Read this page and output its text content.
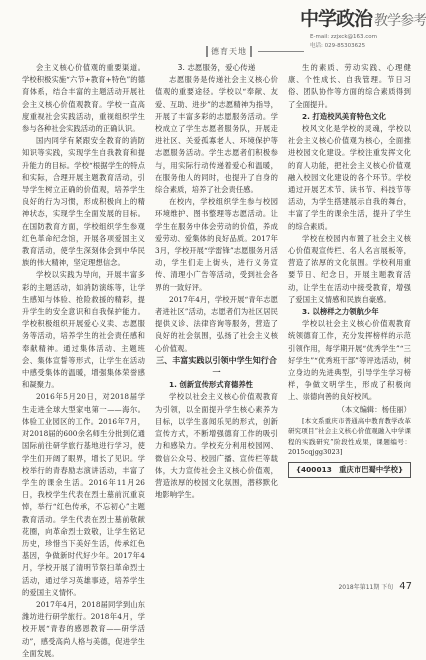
德育天地
中学政治 教学参考
E-mail: zzjxck@163.com
电话: 029-85303625

会主义核心价值观的重要渠道。学校积极实施“六节+教育+特色”的德育体系，结合丰富的主题活动开展社会主义核心价值观教育。学校一直高度重视社会实践活动，重视组织学生参与各种社会实践活动的正确认识。

国内同学有紧跟安全教育的消防知识等实践，实现学生自我教育和提升能力的目标。学校“根据学生的特点和实际，合理开展主题教育活动，引导学生树立正确的价值观，培养学生良好的行为习惯，形成积极向上的精神状态，实现学生全面发展的目标。在国防教育方面，学校组织学生参观红色革命纪念馆，开展各项爱国主义教育活动，使学生深刻体会到中华民族的伟大精神，坚定理想信念。

学校以实践为导向，开展丰富多彩的主题活动，如消防演练等，让学生感知与体验、抢险救援的精彩，提升学生的安全意识和自我保护能力。学校积极组织开展爱心义卖、志愿服务等活动，培养学生的社会责任感和奉献精神。通过集体活动、主题班会、集体宣誓等形式，让学生在活动中感受集体的温暖，增强集体荣誉感和凝聚力。

2016年5月20日，对2018届学生走进全球大型家电第一——海尔。体验工业园区的工作。2016年7月，对2018届的600余名师生分批到亿通国际前往研学旅行基地进行学习，使学生们开阔了眼界，增长了见识。学校举行的青春励志演讲活动，丰富了学生的课余生活。2016年11月26日，我校学生代表在烈士墓前沉重哀悼，举行“红色传承，不忘初心”主题教育活动。学生代表在烈士墓前敬献花圈，向革命烈士致敬，让学生铭记历史，珍惜当下美好生活，传承红色基因，争做新时代好少年。2017年4月，学校开展了清明节祭扫革命烈士活动，通过学习英雄事迹，培养学生的爱国主义情怀。

2017年4月，2018届同学到山东潍坊进行研学旅行。2018年4月，学校开展“青春的感恩教育——研学活动”，感受高尚人格与美德，促进学生全面发展。

3. 志愿服务，爱心传递

志愿服务是传递社会主义核心价值观的重要途径。学校以“奉献、友爱、互助、进步”的志愿精神为指导，开展了丰富多彩的志愿服务活动。学校成立了学生志愿者服务队，开展走进社区、关爱孤寡老人、环境保护等志愿服务活动。学生志愿者们积极参与，用实际行动传递着爱心和温暖，在服务他人的同时，也提升了自身的综合素质，培养了社会责任感。

在校内，学校组织学生参与校园环境维护、图书整理等志愿活动。让学生在服务中体会劳动的价值，养成爱劳动、爱集体的良好品质。2017年3月，学校开展“学雷锋”志愿服务月活动，学生们走上街头，进行义务宣传、清理小广告等活动，受到社会各界的一致好评。

2017年4月，学校开展“青年志愿者进社区”活动，志愿者们为社区居民提供义诊、法律咨询等服务，营造了良好的社会氛围，弘扬了社会主义核心价值观。

三、丰富实践以引领中学生知行合一

1. 创新宣传形式育德养性

学校以社会主义核心价值观教育为引领，以全面提升学生核心素养为目标，以学生喜闻乐见的形式，创新宣传方式，不断增强德育工作的吸引力和感染力。学校充分利用校园网、微信公众号、校园广播、宣传栏等载体，大力宣传社会主义核心价值观，营造浓厚的校园文化氛围，潜移默化地影响学生。

生的素质、劳动实践、心理健康、个性成长、自我管理。节日习俗、团队协作等方面的综合素质得到了全面提升。

2. 打造校风美育特色文化

校风文化是学校的灵魂，学校以社会主义核心价值观为核心，全面推进校园文化建设。学校注重发挥文化的育人功能，把社会主义核心价值观融入校园文化建设的各个环节。学校通过开展艺术节、读书节、科技节等活动，为学生搭建展示自我的舞台，丰富了学生的课余生活，提升了学生的综合素质。

学校在校园内布置了社会主义核心价值观宣传栏、名人名言展板等，营造了浓厚的文化氛围。学校利用重要节日、纪念日，开展主题教育活动，让学生在活动中接受教育，增强了爱国主义情感和民族自豪感。

3. 以榜样之力领航少年

学校以社会主义核心价值观教育统领德育工作，充分发挥榜样的示范引领作用，每学期开展“优秀学生”“三好学生”“优秀班干部”等评选活动，树立身边的先进典型，引导学生学习榜样，争做文明学生，形成了积极向上、崇德向善的良好校风。

（本文编辑：杨佳丽）

[本文系重庆市普通高中教育教学改革研究项目“社会主义核心价值观融入中学课程的实践研究”阶段性成果，课题编号：2015cqjgg3023]

{400013　重庆市巴蜀中学校}
2018年第11期 下旬 47
